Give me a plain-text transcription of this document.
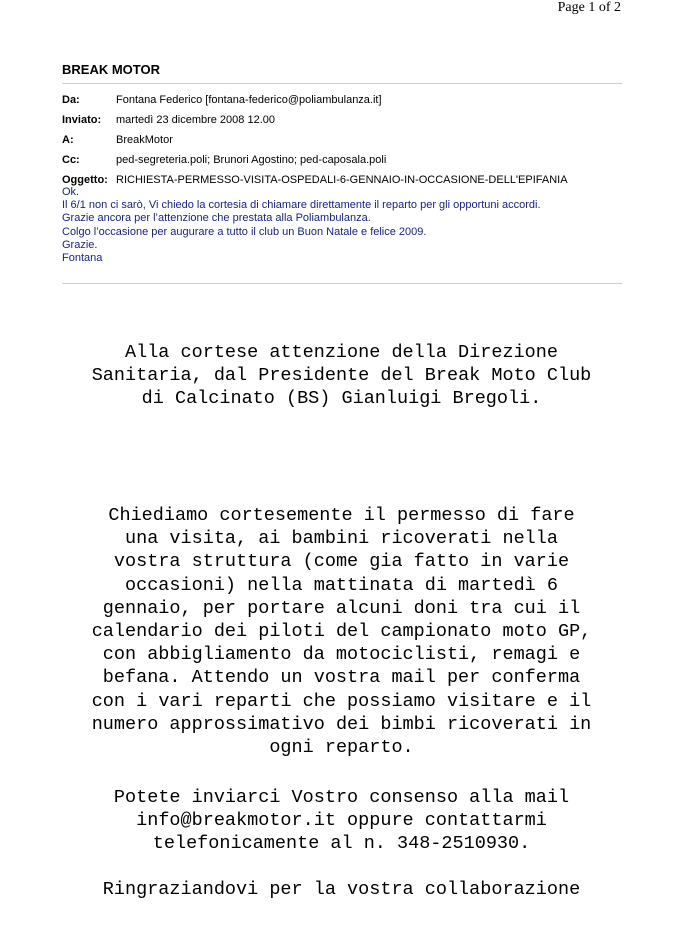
Page 1 of 2
BREAK MOTOR
Da:	Fontana Federico [fontana-federico@poliambulanza.it]
Inviato:	martedì 23 dicembre 2008 12.00
A:	BreakMotor
Cc:	ped-segreteria.poli; Brunori Agostino; ped-caposala.poli
Oggetto: RICHIESTA-PERMESSO-VISITA-OSPEDALI-6-GENNAIO-IN-OCCASIONE-DELL'EPIFANIA
Ok.
Il 6/1 non ci sarò, Vi chiedo la cortesia di chiamare direttamente il reparto per gli opportuni accordi.
Grazie ancora per l’attenzione che prestata alla Poliambulanza.
Colgo l’occasione per augurare a tutto il club un Buon Natale e felice 2009.
Grazie.
Fontana

Alla cortese attenzione della Direzione

Sanitaria, dal Presidente del Break Moto Club

di Calcinato (BS) Gianluigi Bregoli.

Chiediamo cortesemente il permesso di fare

una visita, ai bambini ricoverati nella

vostra struttura (come gia fatto in varie

occasioni) nella mattinata di martedì 6

gennaio, per portare alcuni doni tra cui il

calendario dei piloti del campionato moto GP,

con abbigliamento da motociclisti, remagi e

befana. Attendo un vostra mail per conferma

con i vari reparti che possiamo visitare e il

numero approssimativo dei bimbi ricoverati in

ogni reparto.

Potete inviarci Vostro consenso alla mail

info@breakmotor.it oppure contattarmi

telefonicamente al n. 348-2510930.

Ringraziandovi per la vostra collaborazione
